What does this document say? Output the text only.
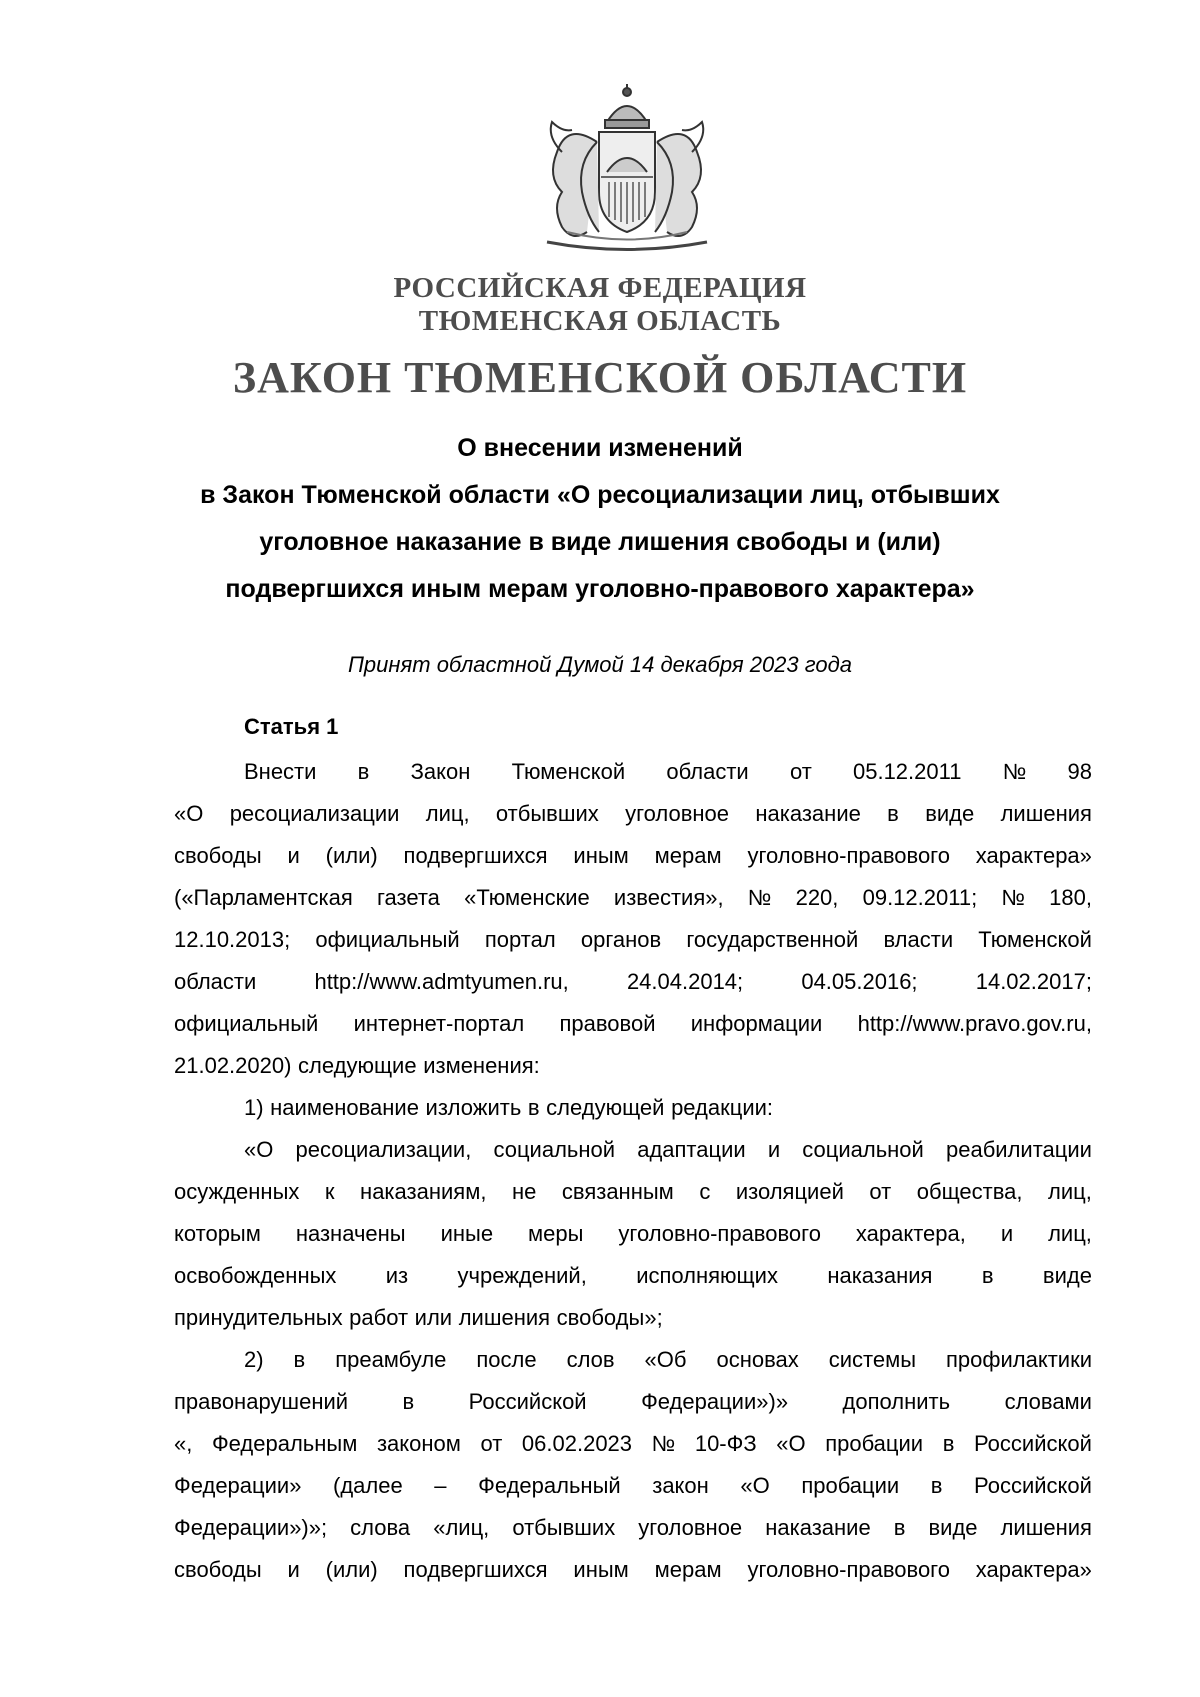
РОССИЙСКАЯ ФЕДЕРАЦИЯ
ТЮМЕНСКАЯ ОБЛАСТЬ
ЗАКОН ТЮМЕНСКОЙ ОБЛАСТИ
О внесении изменений
в Закон Тюменской области «О ресоциализации лиц, отбывших
уголовное наказание в виде лишения свободы и (или)
подвергшихся иным мерам уголовно-правового характера»
Принят областной Думой 14 декабря 2023 года
Статья 1
Внести в Закон Тюменской области от 05.12.2011 № 98
«О ресоциализации лиц, отбывших уголовное наказание в виде лишения
свободы и (или) подвергшихся иным мерам уголовно-правового характера»
(«Парламентская газета «Тюменские известия», № 220, 09.12.2011; № 180,
12.10.2013; официальный портал органов государственной власти Тюменской
области	http://www.admtyumen.ru,	24.04.2014;	04.05.2016;	14.02.2017;
официальный интернет-портал правовой информации http://www.pravo.gov.ru,
21.02.2020) следующие изменения:
1) наименование изложить в следующей редакции:
«О ресоциализации, социальной адаптации и социальной реабилитации
осужденных к наказаниям, не связанным с изоляцией от общества, лиц,
которым назначены иные меры уголовно-правового характера, и лиц,
освобожденных из учреждений, исполняющих наказания в виде
принудительных работ или лишения свободы»;
2) в преамбуле после слов «Об основах системы профилактики
правонарушений в Российской Федерации»)» дополнить словами
«, Федеральным законом от 06.02.2023 № 10-ФЗ «О пробации в Российской
Федерации» (далее – Федеральный закон «О пробации в Российской
Федерации»)»; слова «лиц, отбывших уголовное наказание в виде лишения
свободы и (или) подвергшихся иным мерам уголовно-правового характера»
